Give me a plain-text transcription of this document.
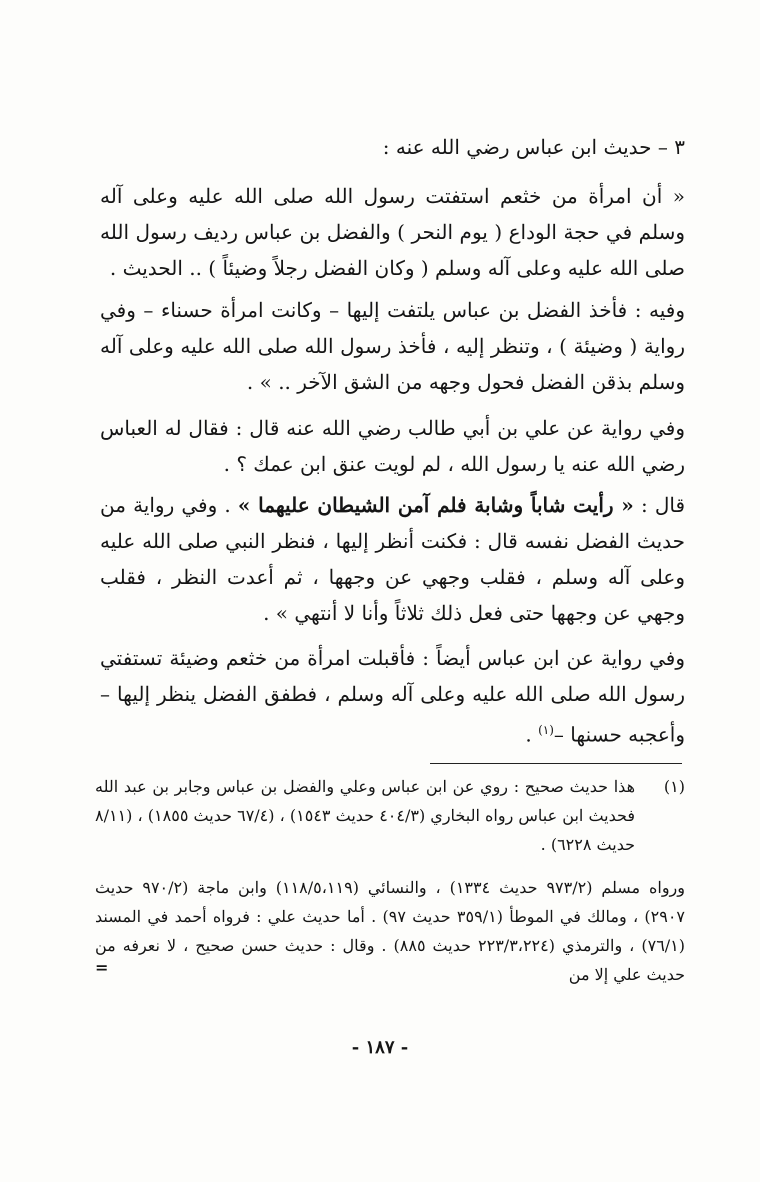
٣ – حديث ابن عباس رضي الله عنه :

« أن امرأة من خثعم استفتت رسول الله صلى الله عليه وعلى آله وسلم في حجة الوداع ( يوم النحر ) والفضل بن عباس رديف رسول الله صلى الله عليه وعلى آله وسلم ( وكان الفضل رجلاً وضيئاً ) .. الحديث .

وفيه : فأخذ الفضل بن عباس يلتفت إليها – وكانت امرأة حسناء – وفي رواية ( وضيئة ) ، وتنظر إليه ، فأخذ رسول الله صلى الله عليه وعلى آله وسلم بذقن الفضل فحول وجهه من الشق الآخر .. » .

وفي رواية عن علي بن أبي طالب رضي الله عنه قال : فقال له العباس رضي الله عنه يا رسول الله ، لم لويت عنق ابن عمك ؟ .

قال : « رأيت شاباً وشابة فلم آمن الشيطان عليهما » . وفي رواية من حديث الفضل نفسه قال : فكنت أنظر إليها ، فنظر النبي صلى الله عليه وعلى آله وسلم ، فقلب وجهي عن وجهها ، ثم أعدت النظر ، فقلب وجهي عن وجهها حتى فعل ذلك ثلاثاً وأنا لا أنتهي » .

وفي رواية عن ابن عباس أيضاً : فأقبلت امرأة من خثعم وضيئة تستفتي رسول الله صلى الله عليه وعلى آله وسلم ، فطفق الفضل ينظر إليها – وأعجبه حسنها –$^{(١)}$ .

(١)
هذا حديث صحيح : روي عن ابن عباس وعلي والفضل بن عباس وجابر بن عبد الله فحديث ابن عباس رواه البخاري (٤٠٤/٣ حديث ١٥٤٣) ، (٦٧/٤ حديث ١٨٥٥) ، (٨/١١ حديث ٦٢٢٨) .
ورواه مسلم (٩٧٣/٢ حديث ١٣٣٤) ، والنسائي (١١٨/٥،١١٩) وابن ماجة (٩٧٠/٢ حديث ٢٩٠٧) ، ومالك في الموطأ (٣٥٩/١ حديث ٩٧) . أما حديث علي : فرواه أحمد في المسند (٧٦/١) ، والترمذي (٢٢٣/٣،٢٢٤ حديث ٨٨٥) . وقال : حديث حسن صحيح ، لا نعرفه من حديث علي إلا من
=
- ١٨٧ -
